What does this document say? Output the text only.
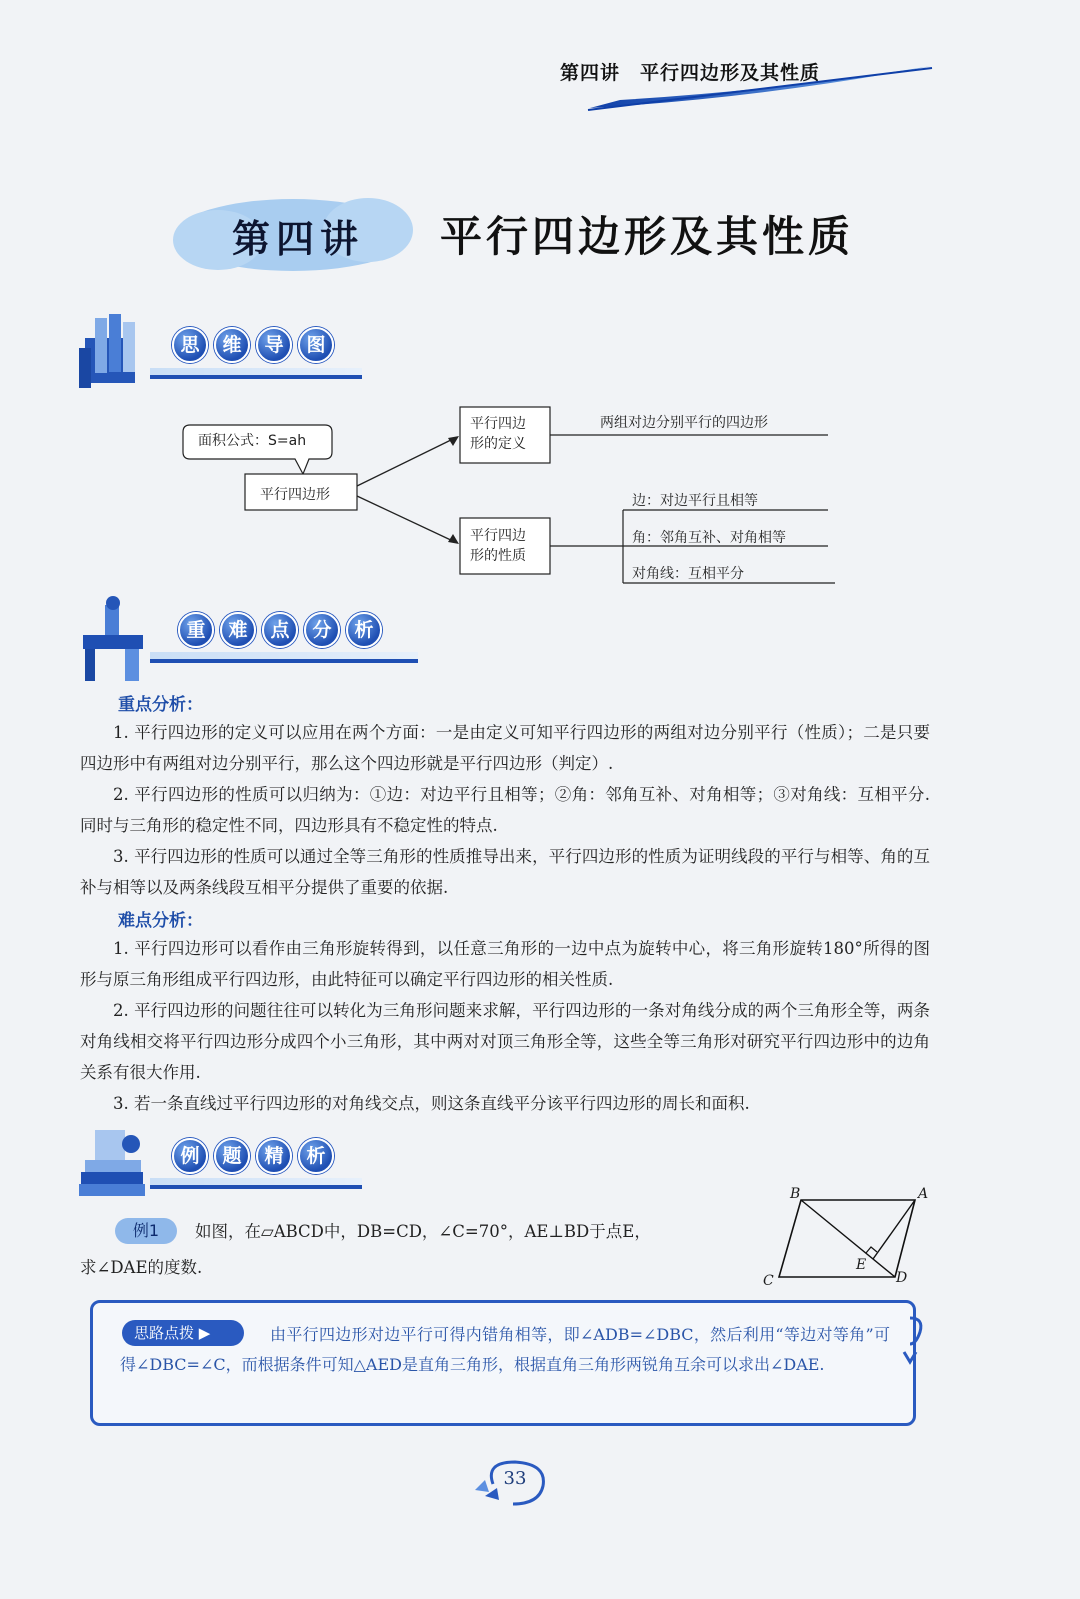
第四讲　平行四边形及其性质
第四讲 平行四边形及其性质
思	维	导	图
面积公式：S=ah
平行四边形
平行四边
形的定义
两组对边分别平行的四边形
平行四边
形的性质
边：对边平行且相等
角：邻角互补、对角相等
对角线：互相平分
重	难	点	分	析
重点分析：

1. 平行四边形的定义可以应用在两个方面：一是由定义可知平行四边形的两组对边分别平行（性质）；二是只要四边形中有两组对边分别平行，那么这个四边形就是平行四边形（判定）.

2. 平行四边形的性质可以归纳为：①边：对边平行且相等；②角：邻角互补、对角相等；③对角线：互相平分. 同时与三角形的稳定性不同，四边形具有不稳定性的特点.

3. 平行四边形的性质可以通过全等三角形的性质推导出来，平行四边形的性质为证明线段的平行与相等、角的互补与相等以及两条线段互相平分提供了重要的依据.

难点分析：

1. 平行四边形可以看作由三角形旋转得到，以任意三角形的一边中点为旋转中心，将三角形旋转180°所得的图形与原三角形组成平行四边形，由此特征可以确定平行四边形的相关性质.

2. 平行四边形的问题往往可以转化为三角形问题来求解，平行四边形的一条对角线分成的两个三角形全等，两条对角线相交将平行四边形分成四个小三角形，其中两对对顶三角形全等，这些全等三角形对研究平行四边形中的边角关系有很大作用.

3. 若一条直线过平行四边形的对角线交点，则这条直线平分该平行四边形的周长和面积.

例	题	精	析
例1	如图，在▱ABCD中，DB=CD，∠C=70°，AE⊥BD于点E，
求∠DAE的度数.
B	A
C	D
E
思路点拨 ▶	由平行四边形对边平行可得内错角相等，即∠ADB=∠DBC，然后利用“等边对等角”可得∠DBC=∠C，而根据条件可知△AED是直角三角形，根据直角三角形两锐角互余可以求出∠DAE.
33
